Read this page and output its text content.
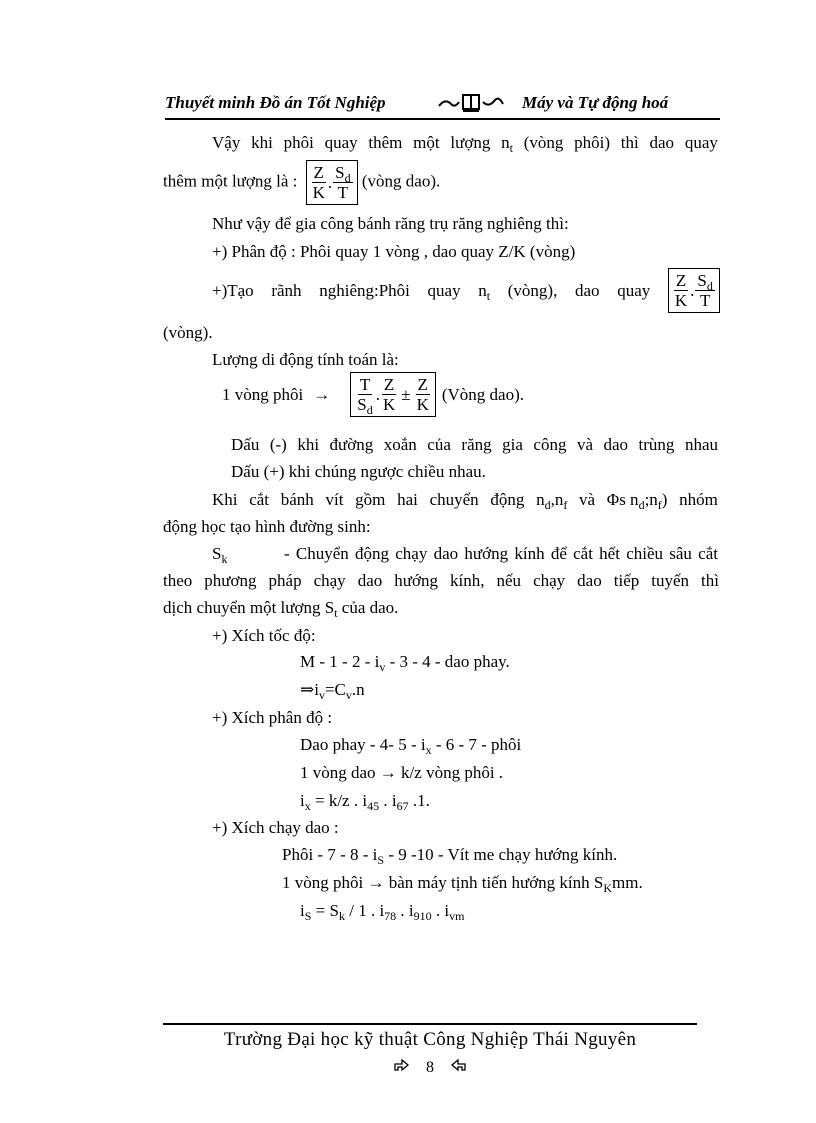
Thuyết minh Đồ án Tốt Nghiệp	Máy và Tự động hoá
Vậy khi phôi quay thêm một lượng $n_t$ (vòng phôi) thì dao quay
thêm một lượng là : $\frac{Z}{K}$ . $\frac{S_d}{T}$ (vòng dao).
Như vậy để gia công bánh răng trụ răng nghiêng thì:
+) Phân độ : Phôi quay 1 vòng , dao quay Z/K (vòng)
+)Tạo rãnh nghiêng:Phôi quay $n_t$ (vòng), dao quay $\frac{Z}{K}$ . $\frac{S_d}{T}$
(vòng).
Lượng di động tính toán là:
1 vòng phôi → $\frac{T}{S_d}$ . $\frac{Z}{K} \pm \frac{Z}{K}$ (Vòng dao).
Dấu (-) khi đường xoắn của răng gia công và dao trùng nhau
Dấu (+) khi chúng ngược chiều nhau.
Khi cắt bánh vít gồm hai chuyển động $n_d,n_f$ và Φs $n_d;n_f$) nhóm
động học tạo hình đường sinh:
$S_k$	- Chuyển động chạy dao hướng kính để cắt hết chiều sâu cắt
theo phương pháp chạy dao hướng kính, nếu chạy dao tiếp tuyến thì
dịch chuyển một lượng $S_t$ của dao.
+) Xích tốc độ:
M - $1 - 2 - i_v - 3 - 4$ - dao phay.
$\Rightarrow i_v=C_v.n$
+) Xích phân độ :
Dao phay - 4- $5 - i_x - 6 - 7$ - phôi
1 vòng dao → k/z vòng phôi .
$i_x = k/z$ . $i_{45}$ . $i_{67}$ .1.
+) Xích chạy dao :
Phôi - $7 - 8 - i_S - 9$ -10 - Vít me chạy hướng kính.
1 vòng phôi → bàn máy tịnh tiến hướng kính $S_Kmm$.
$i_S = S_k / 1$ . $i_{78}$ . $i_{910}$ . $i_{vm}$
Trường Đại học kỹ thuật Công Nghiệp Thái Nguyên
8
